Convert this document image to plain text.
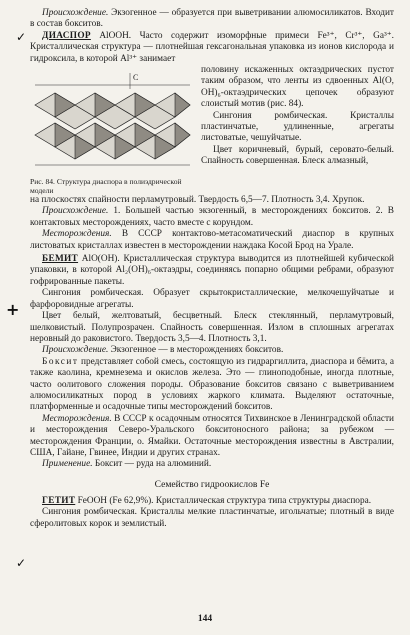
Происхождение. Экзогенное — образуется при выветривании алюмосиликатов. Входит в состав бокситов.

ДИАСПОР AlOOH. Часто содержит изоморфные примеси Fe³⁺, Cr³⁺, Ga³⁺. Кристаллическая структура — плотнейшая гексагональная упаковка из ионов кислорода и гидроксила, в которой Al³⁺ занимает

C
Рис. 84. Структура диаспора в полиэдрической модели

половину искаженных октаэдрических пустот таким образом, что ленты из сдвоенных Al(O, OH)₆-октаэдрических цепочек образуют слоистый мотив (рис. 84).

Сингония ромбическая. Кристаллы пластинчатые, удлиненные, агрегаты листоватые, чешуйчатые.

Цвет коричневый, бурый, серовато-белый. Спайность совершенная. Блеск алмазный,

на плоскостях спайности перламутровый. Твердость 6,5—7. Плотность 3,4. Хрупок.

Происхождение. 1. Большей частью экзогенный, в месторождениях бокситов. 2. В контактовых месторождениях, часто вместе с корундом.

Месторождения. В СССР контактово-метасоматический диаспор в крупных листоватых кристаллах известен в месторождении наждака Косой Брод на Урале.

БЕМИТ AlO(OH). Кристаллическая структура выводится из плотнейшей кубической упаковки, в которой Al₂(OH)₆-октаэдры, соединяясь попарно общими ребрами, образуют гофрированные пакеты.

Сингония ромбическая. Образует скрытокристаллические, мелкочешуйчатые и фарфоровидные агрегаты.

Цвет белый, желтоватый, бесцветный. Блеск стеклянный, перламутровый, шелковистый. Полупрозрачен. Спайность совершенная. Излом в сплошных агрегатах неровный до раковистого. Твердость 3,5—4. Плотность 3,1.

Происхождение. Экзогенное — в месторождениях бокситов.

Боксит представляет собой смесь, состоящую из гидраргиллита, диаспора и бёмита, а также каолина, кремнезема и окислов железа. Это — глиноподобные, иногда плотные, часто оолитового сложения породы. Образование бокситов связано с выветриванием алюмосиликатных пород в условиях жаркого климата. Выделяют остаточные, платформенные и осадочные типы месторождений бокситов.

Месторождения. В СССР к осадочным относятся Тихвинское в Ленинградской области и месторождения Северо-Уральского бокситоносного района; за рубежом — месторождения Франции, о. Ямайки. Остаточные месторождения известны в Австралии, США, Гайане, Гвинее, Индии и других странах.

Применение. Боксит — руда на алюминий.

Семейство гидроокислов Fe

ГЕТИТ FeOOH (Fe 62,9%). Кристаллическая структура типа структуры диаспора.

Сингония ромбическая. Кристаллы мелкие пластинчатые, игольчатые; плотный в виде сферолитовых корок и землистый.

✓
+
✓
144
